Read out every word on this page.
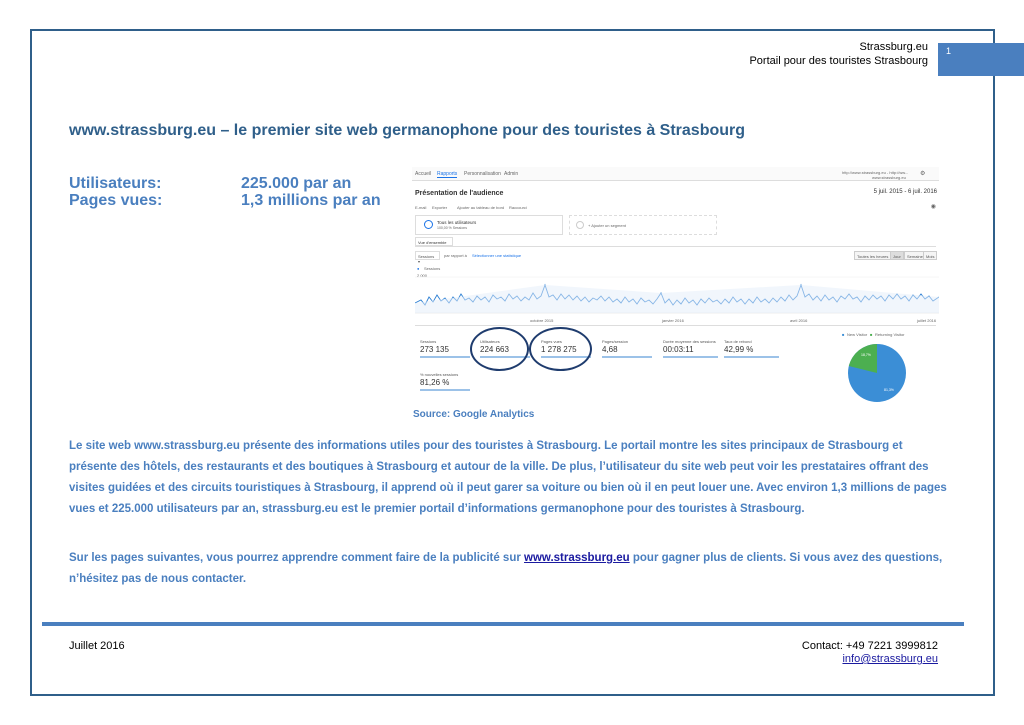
Strassburg.eu
Portail pour des touristes Strasbourg
1
www.strassburg.eu – le premier site web germanophone pour des touristes à Strasbourg
Utilisateurs:	225.000 par an
Pages vues:	1,3 millions par an
Accueil Rapports Personnalisation Admin	http://www.strassburg.eu - http://ww...
www.strassburg.eu
⚙
Présentation de l'audience	5 juil. 2015 - 6 juil. 2016
E-mail Exporter Ajouter au tableau de bord Raccourci	◉
Tous les utilisateurs
100,00 % Sessions	+ Ajouter un segment
Vue d'ensemble
Sessions ▾
par rapport à Sélectionner une statistique	Toutes les heures	Jour	Semaine Mois
● Sessions
2 000
octobre 2015	janvier 2016	avril 2016	juillet 2016
Sessions
273 135
Utilisateurs
224 663
Pages vues
1 278 275
Pages/session
4,68
Durée moyenne des sessions
00:03:11
Taux de rebond
42,99 %
% nouvelles sessions
81,26 %
■ New Visitor ■ Returning Visitor
81,3%
18,7%
Source: Google Analytics
Le site web www.strassburg.eu présente des informations utiles pour des touristes à Strasbourg. Le portail montre les sites principaux de Strasbourg et présente des hôtels, des restaurants et des boutiques à Strasbourg et autour de la ville. De plus, l’utilisateur du site web peut voir les prestataires offrant des visites guidées et des circuits touristiques à Strasbourg, il apprend où il peut garer sa voiture ou bien où il en peut louer une. Avec environ 1,3 millions de pages vues et 225.000 utilisateurs par an, strassburg.eu est le premier portail d’informations germanophone pour des touristes à Strasbourg.
Sur les pages suivantes, vous pourrez apprendre comment faire de la publicité sur www.strassburg.eu pour gagner plus de clients. Si vous avez des questions, n’hésitez pas de nous contacter.
Juillet 2016	Contact: +49 7221 3999812
info@strassburg.eu
